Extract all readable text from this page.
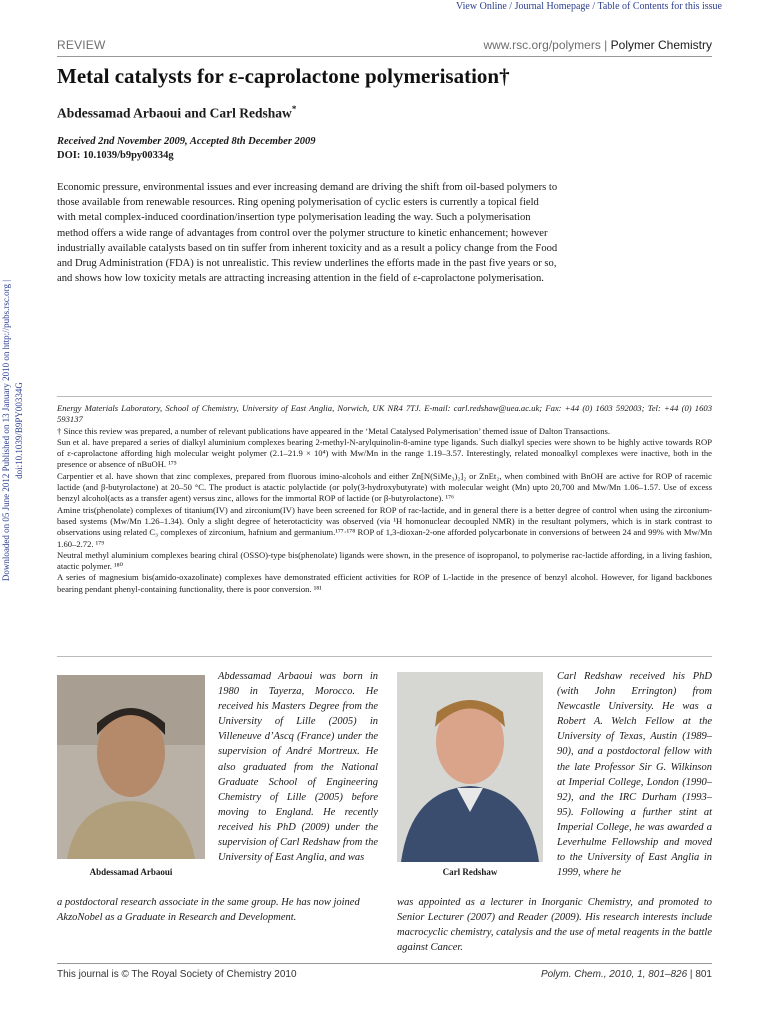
View Online / Journal Homepage / Table of Contents for this issue
REVIEW	www.rsc.org/polymers | Polymer Chemistry
Metal catalysts for ε-caprolactone polymerisation†
Abdessamad Arbaoui and Carl Redshaw*
Received 2nd November 2009, Accepted 8th December 2009
DOI: 10.1039/b9py00334g
Economic pressure, environmental issues and ever increasing demand are driving the shift from oil-based polymers to those available from renewable resources. Ring opening polymerisation of cyclic esters is currently a topical field with metal complex-induced coordination/insertion type polymerisation leading the way. Such a polymerisation method offers a wide range of advantages from control over the polymer structure to kinetic enhancement; however industrially available catalysts based on tin suffer from inherent toxicity and as a result a policy change from the Food and Drug Administration (FDA) is not unrealistic. This review underlines the efforts made in the past five years or so, and shows how low toxicity metals are attracting increasing attention in the field of ε-caprolactone polymerisation.
Downloaded on 05 June 2012 Published on 13 January 2010 on http://pubs.rsc.org | doi:10.1039/B9PY00334G	Energy Materials Laboratory, School of Chemistry, University of East Anglia, Norwich, UK NR4 7TJ. E-mail: carl.redshaw@uea.ac.uk; Fax: +44 (0) 1603 592003; Tel: +44 (0) 1603 593137

† Since this review was prepared, a number of relevant publications have appeared in the ‘Metal Catalysed Polymerisation’ themed issue of Dalton Transactions.

Sun et al. have prepared a series of dialkyl aluminium complexes bearing 2-methyl-N-arylquinolin-8-amine type ligands. Such dialkyl species were shown to be highly active towards ROP of ε-caprolactone affording high molecular weight polymer (2.1–21.9 × 10⁴) with Mw/Mn in the range 1.19–3.57. Interestingly, related monoalkyl complexes were inactive, both in the presence or absence of nBuOH. ¹⁷⁵

Carpentier et al. have shown that zinc complexes, prepared from fluorous imino-alcohols and either Zn[N(SiMe₃)₂]₂ or ZnEt₂, when combined with BnOH are active for ROP of racemic lactide (and β-butyrolactone) at 20–50 °C. The product is atactic polylactide (or poly(3-hydroxybutyrate) with molecular weight (Mn) upto 20,700 and Mw/Mn 1.06–1.57. Use of excess benzyl alcohol(acts as a transfer agent) versus zinc, allows for the immortal ROP of lactide (or β-butyrolactone). ¹⁷⁶

Amine tris(phenolate) complexes of titanium(IV) and zirconium(IV) have been screened for ROP of rac-lactide, and in general there is a better degree of control when using the zirconium-based systems (Mw/Mn 1.26–1.34). Only a slight degree of heterotacticity was observed (via ¹H homonuclear decoupled NMR) in the resultant polymers, which is in stark contrast to observations using related C₃ complexes of zirconium, hafnium and germanium.¹⁷⁷·¹⁷⁸ ROP of 1,3-dioxan-2-one afforded polycarbonate in conversions of between 24 and 99% with Mw/Mn 1.60–2.72. ¹⁷⁹

Neutral methyl aluminium complexes bearing chiral (OSSO)-type bis(phenolate) ligands were shown, in the presence of isopropanol, to polymerise rac-lactide affording, in a living fashion, atactic polymer. ¹⁸⁰

A series of magnesium bis(amido-oxazolinate) complexes have demonstrated efficient activities for ROP of L-lactide in the presence of benzyl alcohol. However, for ligand backbones bearing pendant phenyl-containing functionality, there is poor conversion. ¹⁸¹

Abdessamad Arbaoui
Abdessamad Arbaoui was born in 1980 in Tayerza, Morocco. He received his Masters Degree from the University of Lille (2005) in Villeneuve d’Ascq (France) under the supervision of André Mortreux. He also graduated from the National Graduate School of Engineering Chemistry of Lille (2005) before moving to England. He recently received his PhD (2009) under the supervision of Carl Redshaw from the University of East Anglia, and was
a postdoctoral research associate in the same group. He has now joined AkzoNobel as a Graduate in Research and Development.
Carl Redshaw
Carl Redshaw received his PhD (with John Errington) from Newcastle University. He was a Robert A. Welch Fellow at the University of Texas, Austin (1989–90), and a postdoctoral fellow with the late Professor Sir G. Wilkinson at Imperial College, London (1990–92), and the IRC Durham (1993–95). Following a further stint at Imperial College, he was awarded a Leverhulme Fellowship and moved to the University of East Anglia in 1999, where he
was appointed as a lecturer in Inorganic Chemistry, and promoted to Senior Lecturer (2007) and Reader (2009). His research interests include macrocyclic chemistry, catalysis and the use of metal reagents in the battle against Cancer.
This journal is © The Royal Society of Chemistry 2010	Polym. Chem., 2010, 1, 801–826 | 801
